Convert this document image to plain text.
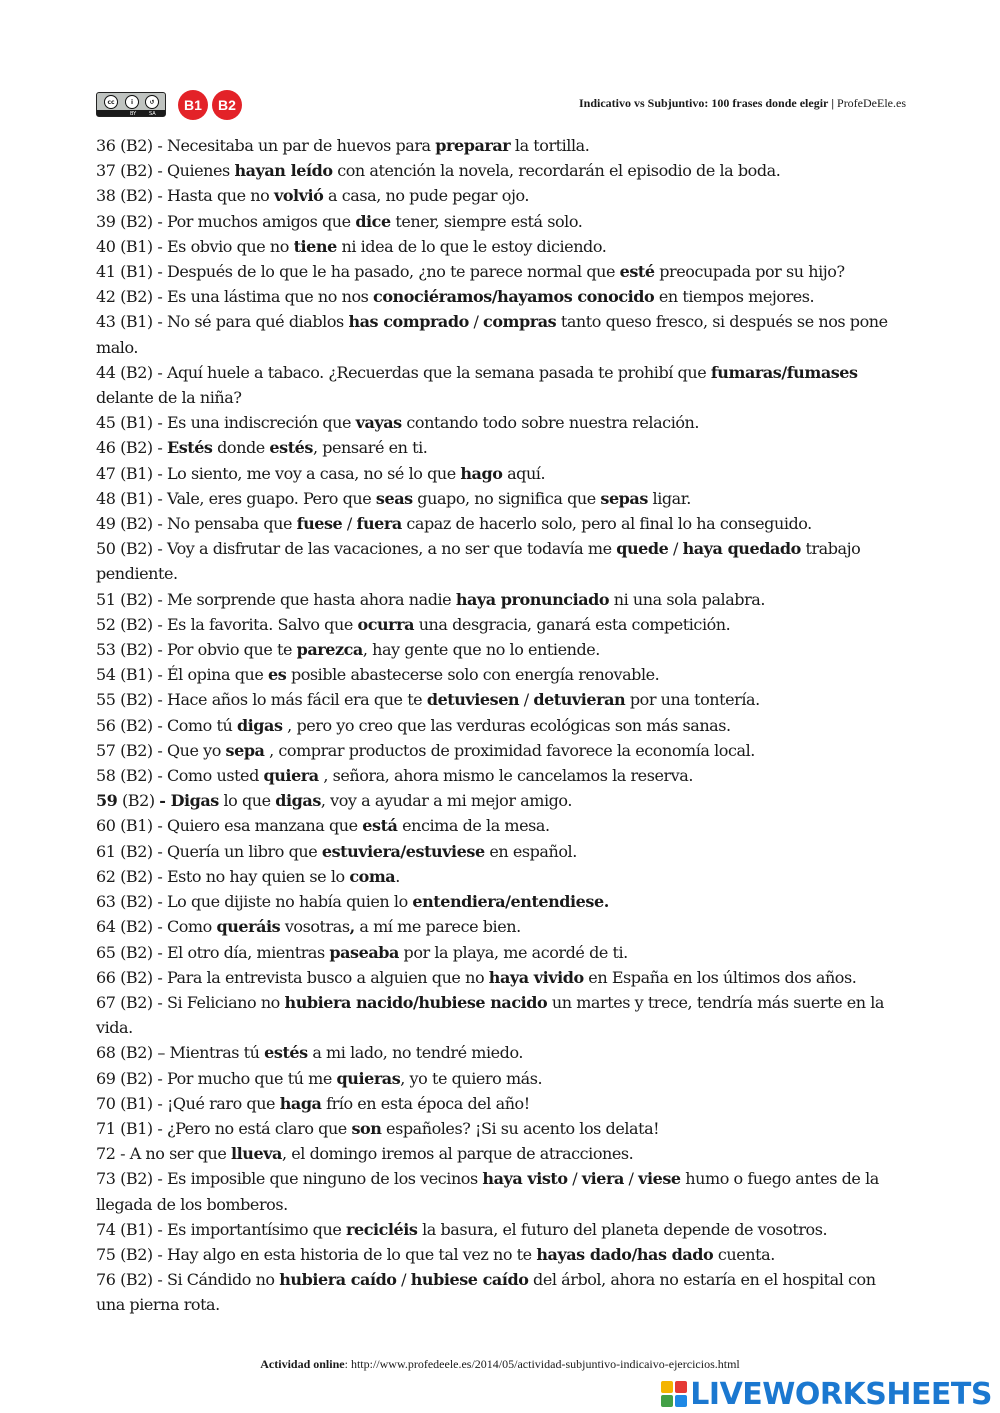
cc	i	↺
BY	SA
B1	B2	Indicativo vs Subjuntivo: 100 frases donde elegir | ProfeDeEle.es
36 (B2) - Necesitaba un par de huevos para preparar la tortilla.
37 (B2) - Quienes hayan leído con atención la novela, recordarán el episodio de la boda.
38 (B2) - Hasta que no volvió a casa, no pude pegar ojo.
39 (B2) - Por muchos amigos que dice tener, siempre está solo.
40 (B1) - Es obvio que no tiene ni idea de lo que le estoy diciendo.
41 (B1) - Después de lo que le ha pasado, ¿no te parece normal que esté preocupada por su hijo?
42 (B2) - Es una lástima que no nos conociéramos/hayamos conocido en tiempos mejores.
43 (B1) - No sé para qué diablos has comprado / compras tanto queso fresco, si después se nos pone malo.
44 (B2) - Aquí huele a tabaco. ¿Recuerdas que la semana pasada te prohibí que fumaras/fumases delante de la niña?
45 (B1) - Es una indiscreción que vayas contando todo sobre nuestra relación.
46 (B2) - Estés donde estés, pensaré en ti.
47 (B1) - Lo siento, me voy a casa, no sé lo que hago aquí.
48 (B1) - Vale, eres guapo. Pero que seas guapo, no significa que sepas ligar.
49 (B2) - No pensaba que fuese / fuera capaz de hacerlo solo, pero al final lo ha conseguido.
50 (B2) - Voy a disfrutar de las vacaciones, a no ser que todavía me quede / haya quedado trabajo pendiente.
51 (B2) - Me sorprende que hasta ahora nadie haya pronunciado ni una sola palabra.
52 (B2) - Es la favorita. Salvo que ocurra una desgracia, ganará esta competición.
53 (B2) - Por obvio que te parezca, hay gente que no lo entiende.
54 (B1) - Él opina que es posible abastecerse solo con energía renovable.
55 (B2) - Hace años lo más fácil era que te detuviesen / detuvieran por una tontería.
56 (B2) - Como tú digas , pero yo creo que las verduras ecológicas son más sanas.
57 (B2) - Que yo sepa , comprar productos de proximidad favorece la economía local.
58 (B2) - Como usted quiera , señora, ahora mismo le cancelamos la reserva.
59 (B2) - Digas lo que digas, voy a ayudar a mi mejor amigo.
60 (B1) - Quiero esa manzana que está encima de la mesa.
61 (B2) - Quería un libro que estuviera/estuviese en español.
62 (B2) - Esto no hay quien se lo coma.
63 (B2) - Lo que dijiste no había quien lo entendiera/entendiese.
64 (B2) - Como queráis vosotras, a mí me parece bien.
65 (B2) - El otro día, mientras paseaba por la playa, me acordé de ti.
66 (B2) - Para la entrevista busco a alguien que no haya vivido en España en los últimos dos años.
67 (B2) - Si Feliciano no hubiera nacido/hubiese nacido un martes y trece, tendría más suerte en la vida.
68 (B2) – Mientras tú estés a mi lado, no tendré miedo.
69 (B2) - Por mucho que tú me quieras, yo te quiero más.
70 (B1) - ¡Qué raro que haga frío en esta época del año!
71 (B1) - ¿Pero no está claro que son españoles? ¡Si su acento los delata!
72 - A no ser que llueva, el domingo iremos al parque de atracciones.
73 (B2) - Es imposible que ninguno de los vecinos haya visto / viera / viese humo o fuego antes de la llegada de los bomberos.
74 (B1) - Es importantísimo que recicléis la basura, el futuro del planeta depende de vosotros.
75 (B2) - Hay algo en esta historia de lo que tal vez no te hayas dado/has dado cuenta.
76 (B2) - Si Cándido no hubiera caído / hubiese caído del árbol, ahora no estaría en el hospital con una pierna rota.
Actividad online: http://www.profedeele.es/2014/05/actividad-subjuntivo-indicaivo-ejercicios.html
LIVEWORKSHEETS
